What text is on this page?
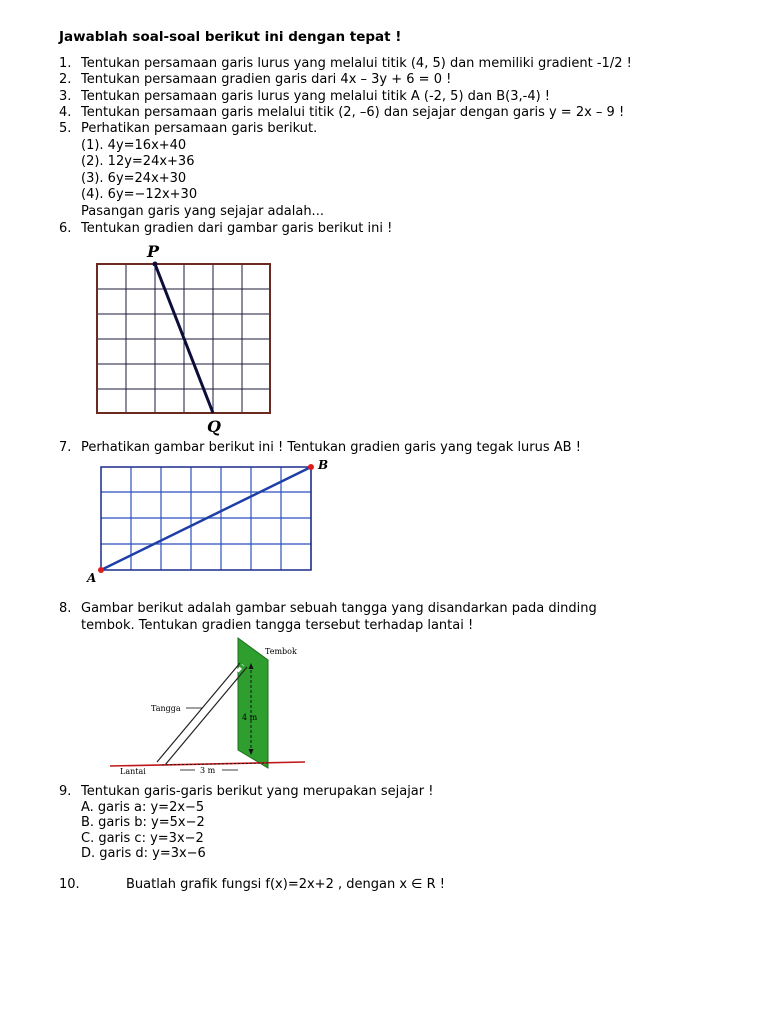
Jawablah soal-soal berikut ini dengan tepat !
1. Tentukan persamaan garis lurus yang melalui titik (4, 5) dan memiliki gradient -1/2 !
2. Tentukan persamaan gradien garis dari 4x – 3y + 6 = 0 !
3. Tentukan persamaan garis lurus yang melalui titik A (-2, 5) dan B(3,-4) !
4. Tentukan persamaan garis melalui titik (2, –6) dan sejajar dengan garis y = 2x – 9 !
5. Perhatikan persamaan garis berikut.
(1). 4y=16x+40
(2). 12y=24x+36
(3). 6y=24x+30
(4). 6y=−12x+30
Pasangan garis yang sejajar adalah...
6. Tentukan gradien dari gambar garis berikut ini !
P
Q
7. Perhatikan gambar berikut ini ! Tentukan gradien garis yang tegak lurus AB !
A
B
8. Gambar berikut adalah gambar sebuah tangga yang disandarkan pada dinding
tembok. Tentukan gradien tangga tersebut terhadap lantai !
4 m
Tembok
Tangga
Lantai	3 m
9. Tentukan garis-garis berikut yang merupakan sejajar !
A. garis a: y=2x−5
B. garis b: y=5x−2
C. garis c: y=3x−2
D. garis d: y=3x−6
10.	Buatlah grafik fungsi f(x)=2x+2 , dengan x ∈ R !
